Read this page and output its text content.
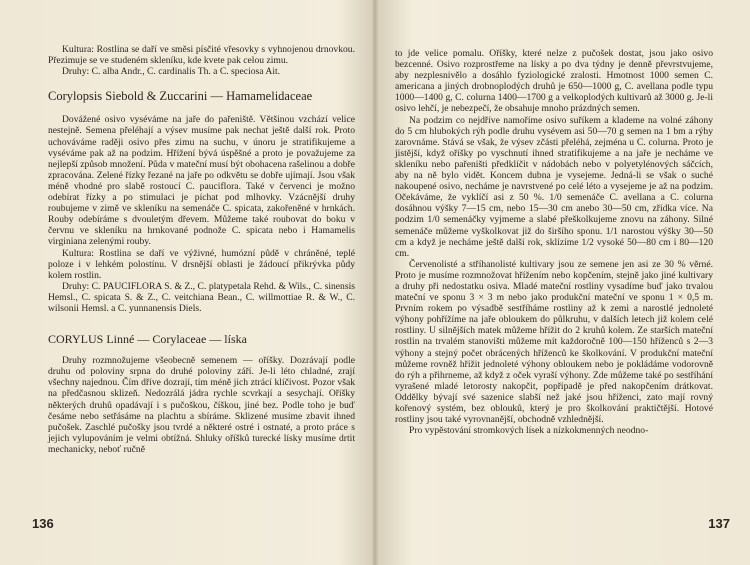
Kultura: Rostlina se daří ve směsi písčité vřesovky s vyhnojenou drnovkou. Přezimuje se ve studeném skleníku, kde kvete pak celou zimu.

Druhy: C. alba Andr., C. cardinalis Th. a C. speciosa Ait.

Corylopsis Siebold & Zuccarini — Hamamelidaceae

Dovážené osivo vyséváme na jaře do pařeniště. Většinou vzchází velice nestejně. Semena přeléhají a výsev musíme pak nechat ještě další rok. Proto uchováváme raději osivo přes zimu na suchu, v únoru je stratifikujeme a vyséváme pak až na podzim. Hřížení bývá úspěšné a proto je považujeme za nejlepší způsob množení. Půda v mateční musí být obohacena rašelinou a dobře zpracována. Zelené řízky řezané na jaře po odkvětu se dobře ujímají. Jsou však méně vhodné pro slabě rostoucí C. pauciflora. Také v červenci je možno odebírat řízky a po stimulaci je píchat pod mlhovky. Vzácnější druhy roubujeme v zimě ve skleníku na semenáče C. spicata, zakořeněné v hrnkách. Rouby odebíráme s dvouletým dřevem. Můžeme také roubovat do boku v červnu ve skleníku na hrnkované podnože C. spicata nebo i Hamamelis virginiana zelenými rouby.

Kultura: Rostlina se daří ve výživné, humózní půdě v chráněné, teplé poloze i v lehkém polostínu. V drsnější oblasti je žádoucí přikrývka půdy kolem rostlin.

Druhy: C. PAUCIFLORA S. & Z., C. platypetala Rehd. & Wils., C. sinensis Hemsl., C. spicata S. & Z., C. veitchiana Bean., C. willmottiae R. & W., C. wilsonii Hemsl. a C. yunnanensis Diels.

CORYLUS Linné — Corylaceae — líska

Druhy rozmnožujeme všeobecně semenem — oříšky. Dozrávají podle druhu od poloviny srpna do druhé poloviny září. Je-li léto chladné, zrají všechny najednou. Čím dříve dozrají, tím méně jich ztrácí klíčivost. Pozor však na předčasnou sklizeň. Nedozrálá jádra rychle scvrkají a sesychají. Oříšky některých druhů opadávají i s pučoškou, číškou, jiné bez. Podle toho je buď česáme nebo setřásáme na plachtu a sbíráme. Sklizené musíme zbavit ihned pučošek. Zaschlé pučošky jsou tvrdé a některé ostré i ostnaté, a proto práce s jejich vylupováním je velmi obtížná. Shluky oříšků turecké lísky musíme drtit mechanicky, neboť ručně

136

to jde velice pomalu. Oříšky, které nelze z pučošek dostat, jsou jako osivo bezcenné. Osivo rozprostřeme na lísky a po dva týdny je denně převrstvujeme, aby nezplesnivělo a dosáhlo fyziologické zralosti. Hmotnost 1000 semen C. americana a jiných drobnoplodých druhů je 650—1000 g, C. avellana podle typu 1000—1400 g, C. colurna 1400—1700 g a velkoplodých kultivarů až 3000 g. Je-li osivo lehčí, je nebezpečí, že obsahuje mnoho prázdných semen.

Na podzim co nejdříve namoříme osivo suříkem a klademe na volné záhony do 5 cm hlubokých rýh podle druhu vysévem asi 50—70 g semen na 1 bm a rýhy zarovnáme. Stává se však, že výsev zčásti přeléhá, zejména u C. colurna. Proto je jistější, když oříšky po vyschnutí ihned stratifikujeme a na jaře je necháme ve skleníku nebo pařeništi předklíčit v nádobách nebo v polyetylénových sáčcích, aby na ně bylo vidět. Koncem dubna je vysejeme. Jedná-li se však o suché nakoupené osivo, necháme je navrstvené po celé léto a vysejeme je až na podzim. Očekáváme, že vyklíčí asi z 50 %. 1/0 semenáče C. avellana a C. colurna dosáhnou výšky 7—15 cm, nebo 15—30 cm anebo 30—50 cm, zřídka více. Na podzim 1/0 semenáčky vyjmeme a slabé přeškolkujeme znovu na záhony. Silné semenáče můžeme vyškolkovat již do širšího sponu. 1/1 narostou výšky 30—50 cm a když je necháme ještě další rok, sklízíme 1/2 vysoké 50—80 cm i 80—120 cm.

Červenolisté a stříhanolisté kultivary jsou ze semene jen asi ze 30 % věrné. Proto je musíme rozmnožovat hřížením nebo kopčením, stejně jako jiné kultivary a druhy při nedostatku osiva. Mladé mateční rostliny vysadíme buď jako trvalou mateční ve sponu 3 × 3 m nebo jako produkční mateční ve sponu 1 × 0,5 m. Prvním rokem po výsadbě sestříháme rostliny až k zemi a narostlé jednoleté výhony pohřížíme na jaře obloukem do půlkruhu, v dalších letech již kolem celé rostliny. U silnějších matek můžeme hřížit do 2 kruhů kolem. Ze starších mateční rostlin na trvalém stanovišti můžeme mít každoročně 100—150 hříženců s 2—3 výhony a stejný počet obrácených hříženců ke školkování. V produkční mateční můžeme rovněž hřížit jednoleté výhony obloukem nebo je pokládáme vodorovně do rýh a přihrneme, až když z oček vyraší výhony. Zde můžeme také po sestříhání vyrašené mladé letorosty nakopčit, popřípadě je před nakopčením drátkovat. Oddělky bývají své sazenice slabší než jaké jsou hříženci, zato mají rovný kořenový systém, bez oblouků, který je pro školkování praktičtější. Hotové rostliny jsou také vyrovnanější, obchodně vzhlednější.

Pro vypěstování stromkových lísek a nízkokmenných neodno-

137
